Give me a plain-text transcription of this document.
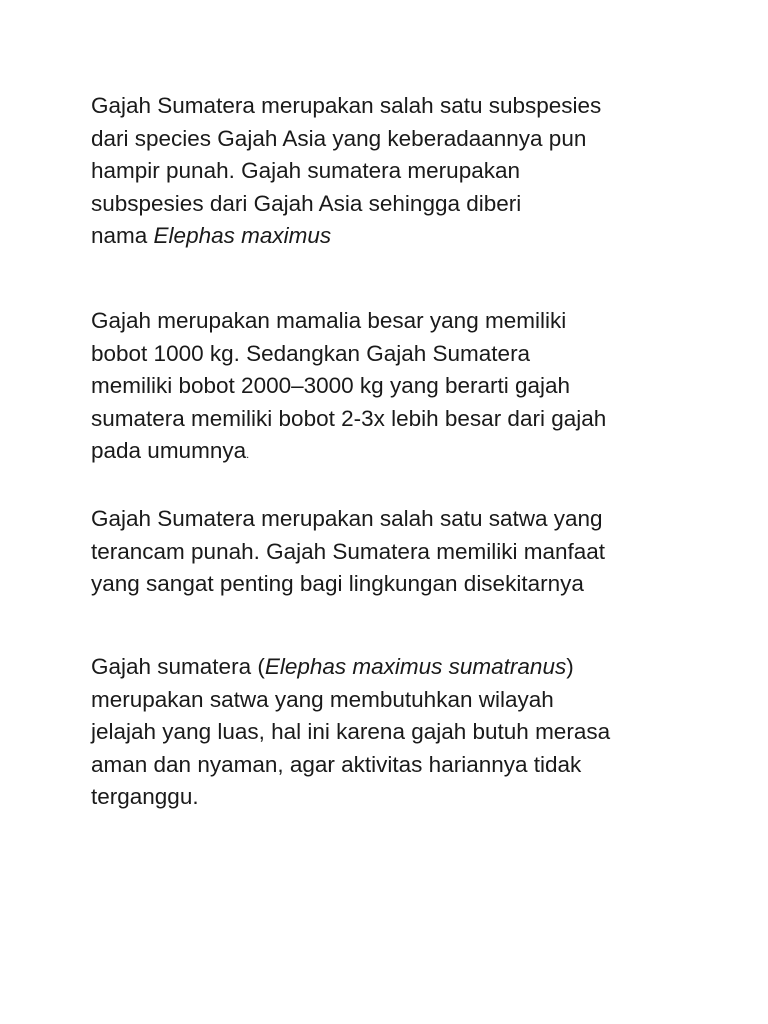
Gajah Sumatera merupakan salah satu subspesies
dari species Gajah Asia yang keberadaannya pun
hampir punah. Gajah sumatera merupakan
subspesies dari Gajah Asia sehingga diberi
nama Elephas maximus

Gajah merupakan mamalia besar yang memiliki
bobot 1000 kg. Sedangkan Gajah Sumatera
memiliki bobot 2000–3000 kg yang berarti gajah
sumatera memiliki bobot 2-3x lebih besar dari gajah
pada umumnya.

Gajah Sumatera merupakan salah satu satwa yang
terancam punah. Gajah Sumatera memiliki manfaat
yang sangat penting bagi lingkungan disekitarnya

Gajah sumatera (Elephas maximus sumatranus)
merupakan satwa yang membutuhkan wilayah
jelajah yang luas, hal ini karena gajah butuh merasa
aman dan nyaman, agar aktivitas hariannya tidak
terganggu.
